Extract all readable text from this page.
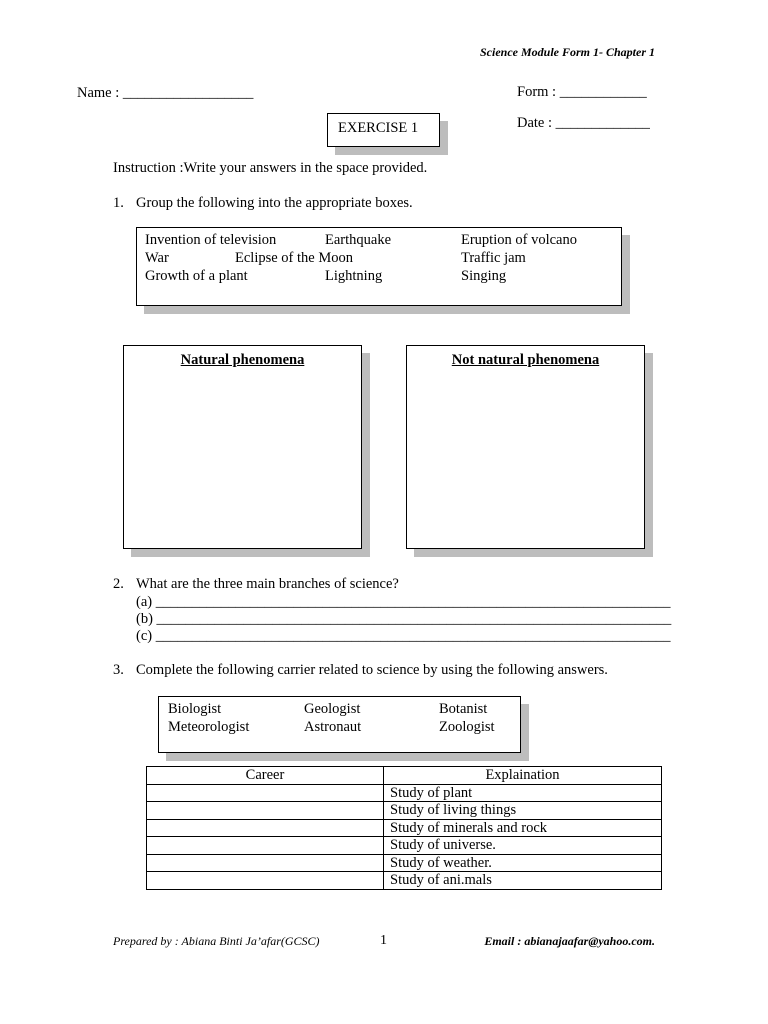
Science Module Form 1- Chapter 1
Name : __________________	Form : ____________
Date : _____________
EXERCISE 1
Instruction :Write your answers in the space provided.
1. Group the following into the appropriate boxes.
Invention of television	Earthquake	Eruption of volcano
War	Eclipse of the Moon	Traffic jam
Growth of a plant	Lightning	Singing
Natural phenomena	Not natural phenomena
2. What are the three main branches of science?
(a) _______________________________________________________________________
(b) _______________________________________________________________________
(c) _______________________________________________________________________
3. Complete the following carrier related to science by using the following answers.
Biologist	Geologist	Botanist
Meteorologist	Astronaut	Zoologist
Career	Explaination
	Study of plant
	Study of living things
	Study of minerals and rock
	Study of universe.
	Study of weather.
	Study of ani.mals
Prepared by : Abiana Binti Ja’afar(GCSC)	1	Email : abianajaafar@yahoo.com.
